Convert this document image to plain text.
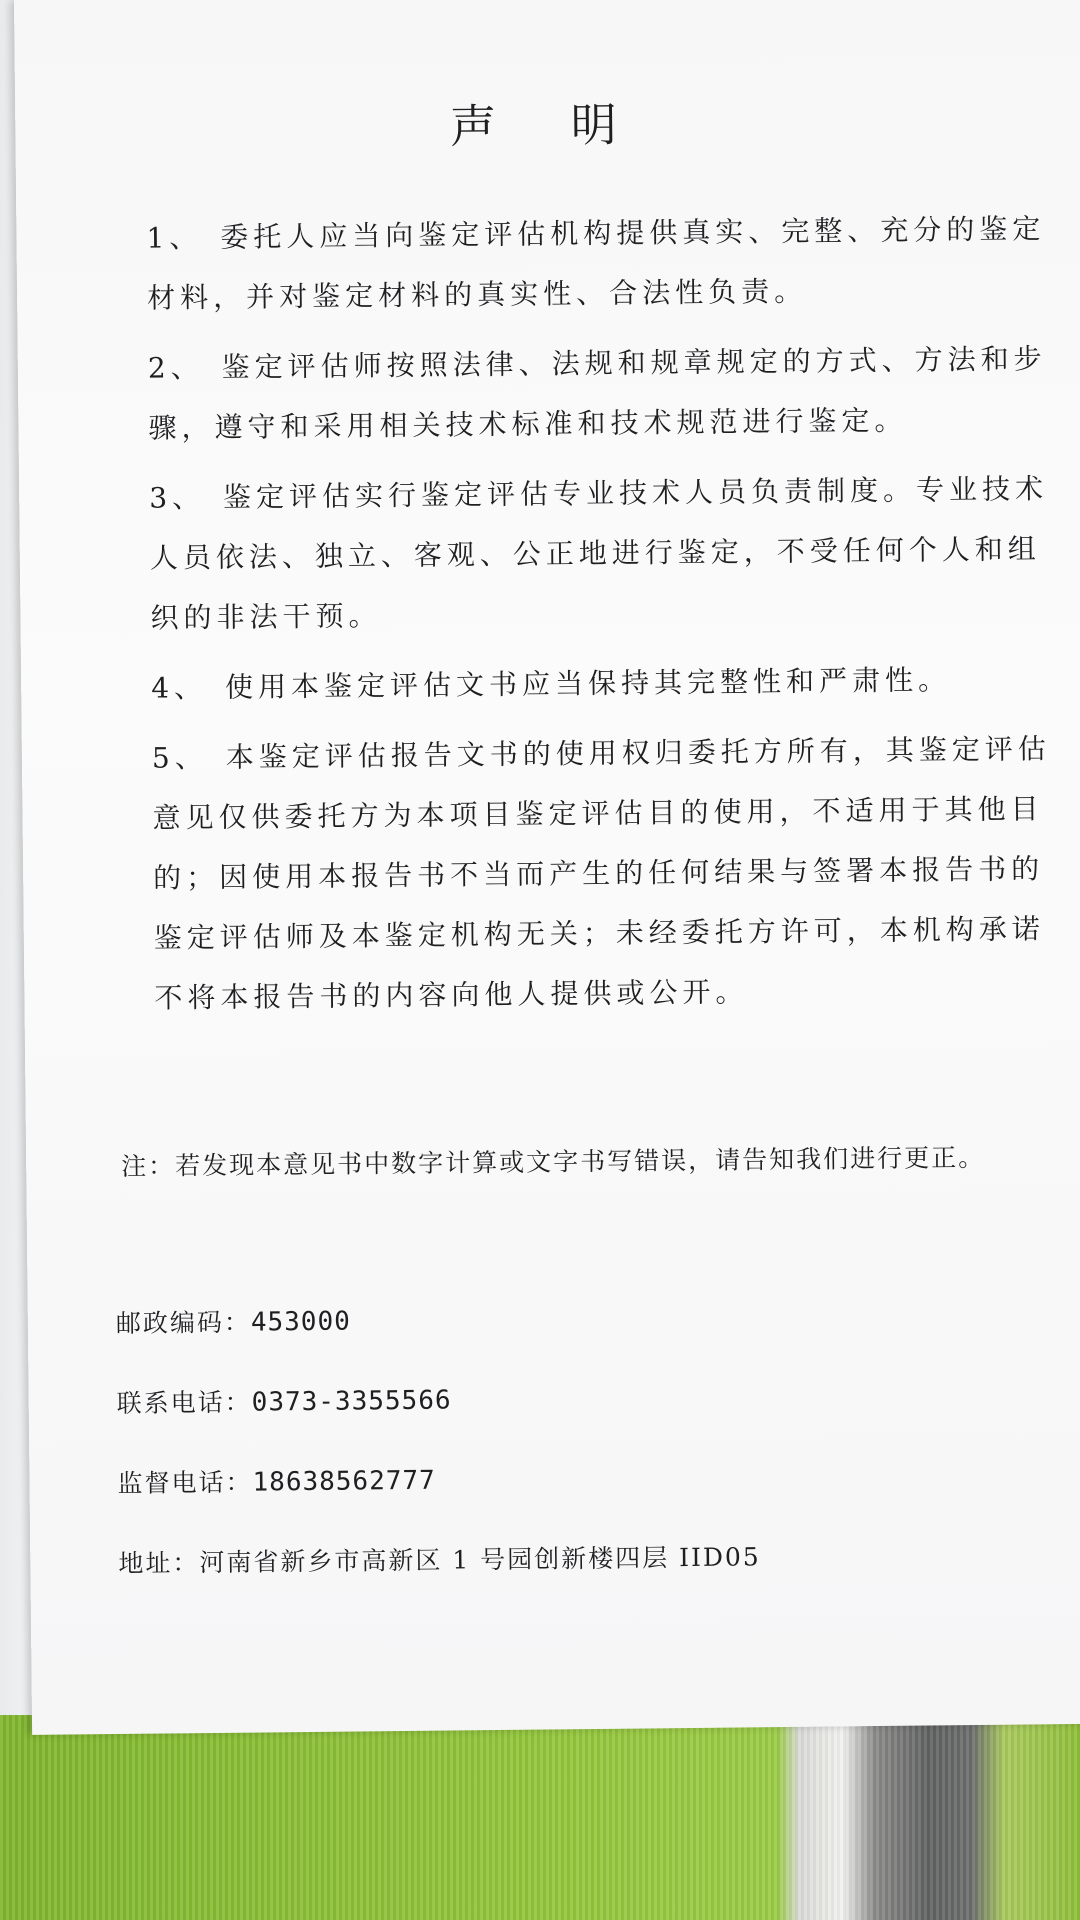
声 明

1、 委托人应当向鉴定评估机构提供真实、完整、充分的鉴定材料，并对鉴定材料的真实性、合法性负责。

2、 鉴定评估师按照法律、法规和规章规定的方式、方法和步骤，遵守和采用相关技术标准和技术规范进行鉴定。

3、 鉴定评估实行鉴定评估专业技术人员负责制度。专业技术人员依法、独立、客观、公正地进行鉴定，不受任何个人和组织的非法干预。

4、 使用本鉴定评估文书应当保持其完整性和严肃性。

5、 本鉴定评估报告文书的使用权归委托方所有，其鉴定评估意见仅供委托方为本项目鉴定评估目的使用，不适用于其他目的；因使用本报告书不当而产生的任何结果与签署本报告书的鉴定评估师及本鉴定机构无关；未经委托方许可，本机构承诺不将本报告书的内容向他人提供或公开。

注：若发现本意见书中数字计算或文字书写错误，请告知我们进行更正。
邮政编码：453000
联系电话：0373-3355566
监督电话：18638562777
地址：河南省新乡市高新区 1 号园创新楼四层 IID05
